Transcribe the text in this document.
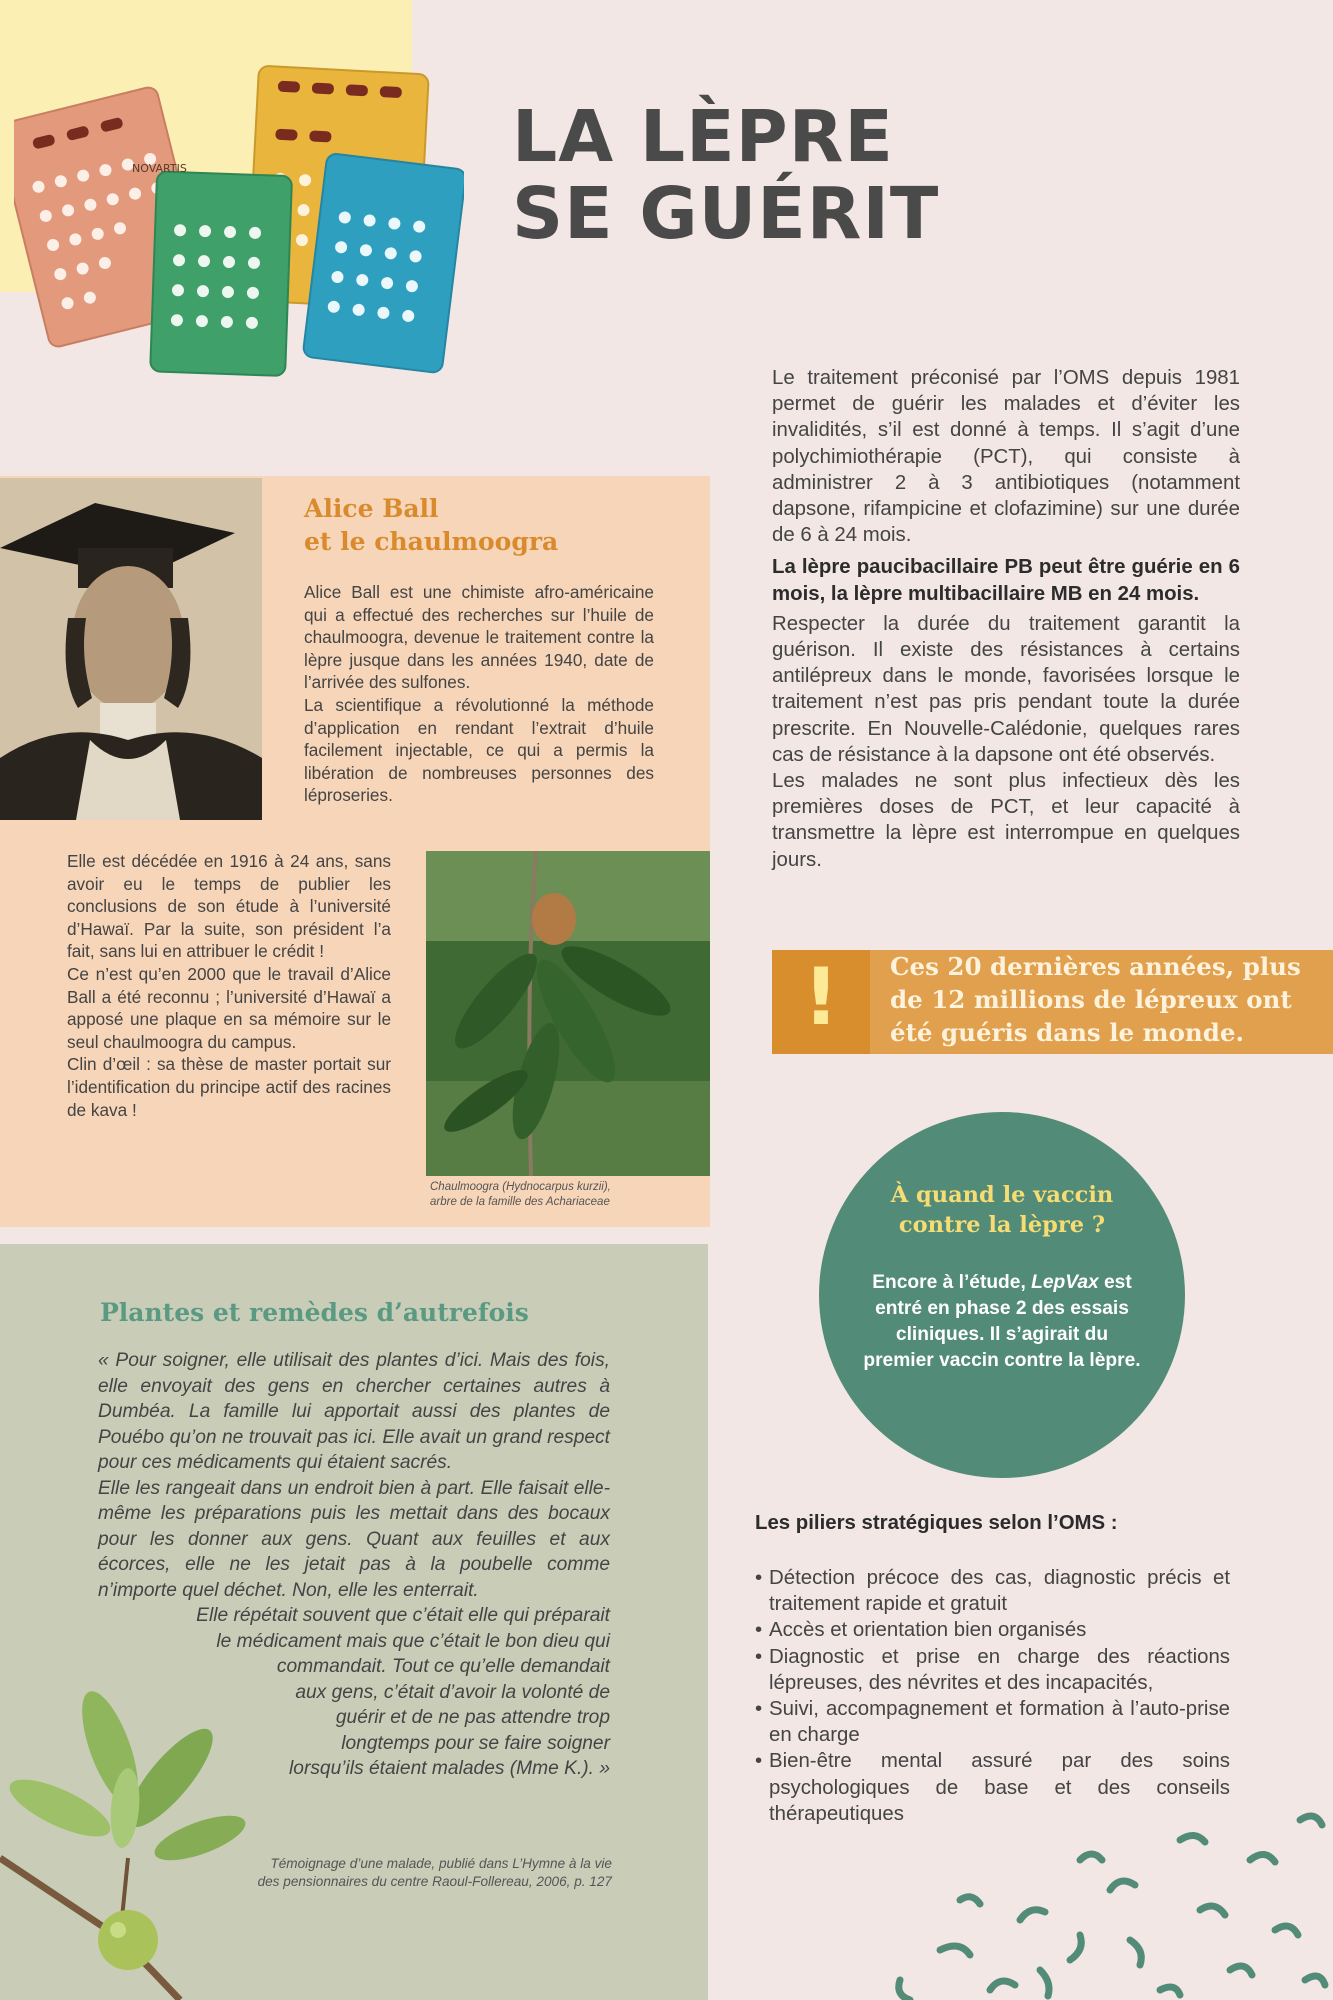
NOVARTIS	LA LÈPRE
SE GUÉRIT
Alice Ball
et le chaulmoogra

Alice Ball est une chimiste afro-américaine qui a effectué des recherches sur l’huile de chaulmoogra, devenue le traitement contre la lèpre jusque dans les années 1940, date de l’arrivée des sulfones.

La scientifique a révolutionné la méthode d’application en rendant l’extrait d’huile facilement injectable, ce qui a permis la libération de nombreuses personnes des léproseries.

Elle est décédée en 1916 à 24 ans, sans avoir eu le temps de publier les conclusions de son étude à l’université d’Hawaï. Par la suite, son président l’a fait, sans lui en attribuer le crédit !

Ce n’est qu’en 2000 que le travail d’Alice Ball a été reconnu ; l’université d’Hawaï a apposé une plaque en sa mémoire sur le seul chaulmoogra du campus.

Clin d’œil : sa thèse de master portait sur l’identification du principe actif des racines de kava !

Chaulmoogra (Hydnocarpus kurzii),
arbre de la famille des Achariaceae
Plantes et remèdes d’autrefois

« Pour soigner, elle utilisait des plantes d’ici. Mais des fois, elle envoyait des gens en chercher certaines autres à Dumbéa. La famille lui apportait aussi des plantes de Pouébo qu’on ne trouvait pas ici. Elle avait un grand respect pour ces médicaments qui étaient sacrés.

Elle les rangeait dans un endroit bien à part. Elle faisait elle-même les préparations puis les mettait dans des bocaux pour les donner aux gens. Quant aux feuilles et aux écorces, elle ne les jetait pas à la poubelle comme n’importe quel déchet. Non, elle les enterrait.

Elle répétait souvent que c’était elle qui préparait
le médicament mais que c’était le bon dieu qui
commandait. Tout ce qu’elle demandait
aux gens, c’était d’avoir la volonté de
guérir et de ne pas attendre trop
longtemps pour se faire soigner
lorsqu’ils étaient malades (Mme K.). »
Témoignage d’une malade, publié dans L’Hymne à la vie
des pensionnaires du centre Raoul-Follereau, 2006, p. 127

Le traitement préconisé par l’OMS depuis 1981 permet de guérir les malades et d’éviter les invalidités, s’il est donné à temps. Il s’agit d’une polychimiothérapie (PCT), qui consiste à administrer 2 à 3 antibiotiques (notamment dapsone, rifampicine et clofazimine) sur une durée de 6 à 24 mois.

La lèpre paucibacillaire PB peut être guérie en 6 mois, la lèpre multibacillaire MB en 24 mois.

Respecter la durée du traitement garantit la guérison. Il existe des résistances à certains antilépreux dans le monde, favorisées lorsque le traitement n’est pas pris pendant toute la durée prescrite. En Nouvelle-Calédonie, quelques rares cas de résistance à la dapsone ont été observés.

Les malades ne sont plus infectieux dès les premières doses de PCT, et leur capacité à transmettre la lèpre est interrompue en quelques jours.

!	Ces 20 dernières années, plus de 12 millions de lépreux ont été guéris dans le monde.
À quand le vaccin
contre la lèpre ?
Encore à l’étude, LepVax est entré en phase 2 des essais cliniques. Il s’agirait du premier vaccin contre la lèpre.
Les piliers stratégiques selon l’OMS :
• Détection précoce des cas, diagnostic précis et traitement rapide et gratuit
• Accès et orientation bien organisés
• Diagnostic et prise en charge des réactions lépreuses, des névrites et des incapacités,
• Suivi, accompagnement et formation à l’auto-prise en charge
• Bien-être mental assuré par des soins psychologiques de base et des conseils thérapeutiques
